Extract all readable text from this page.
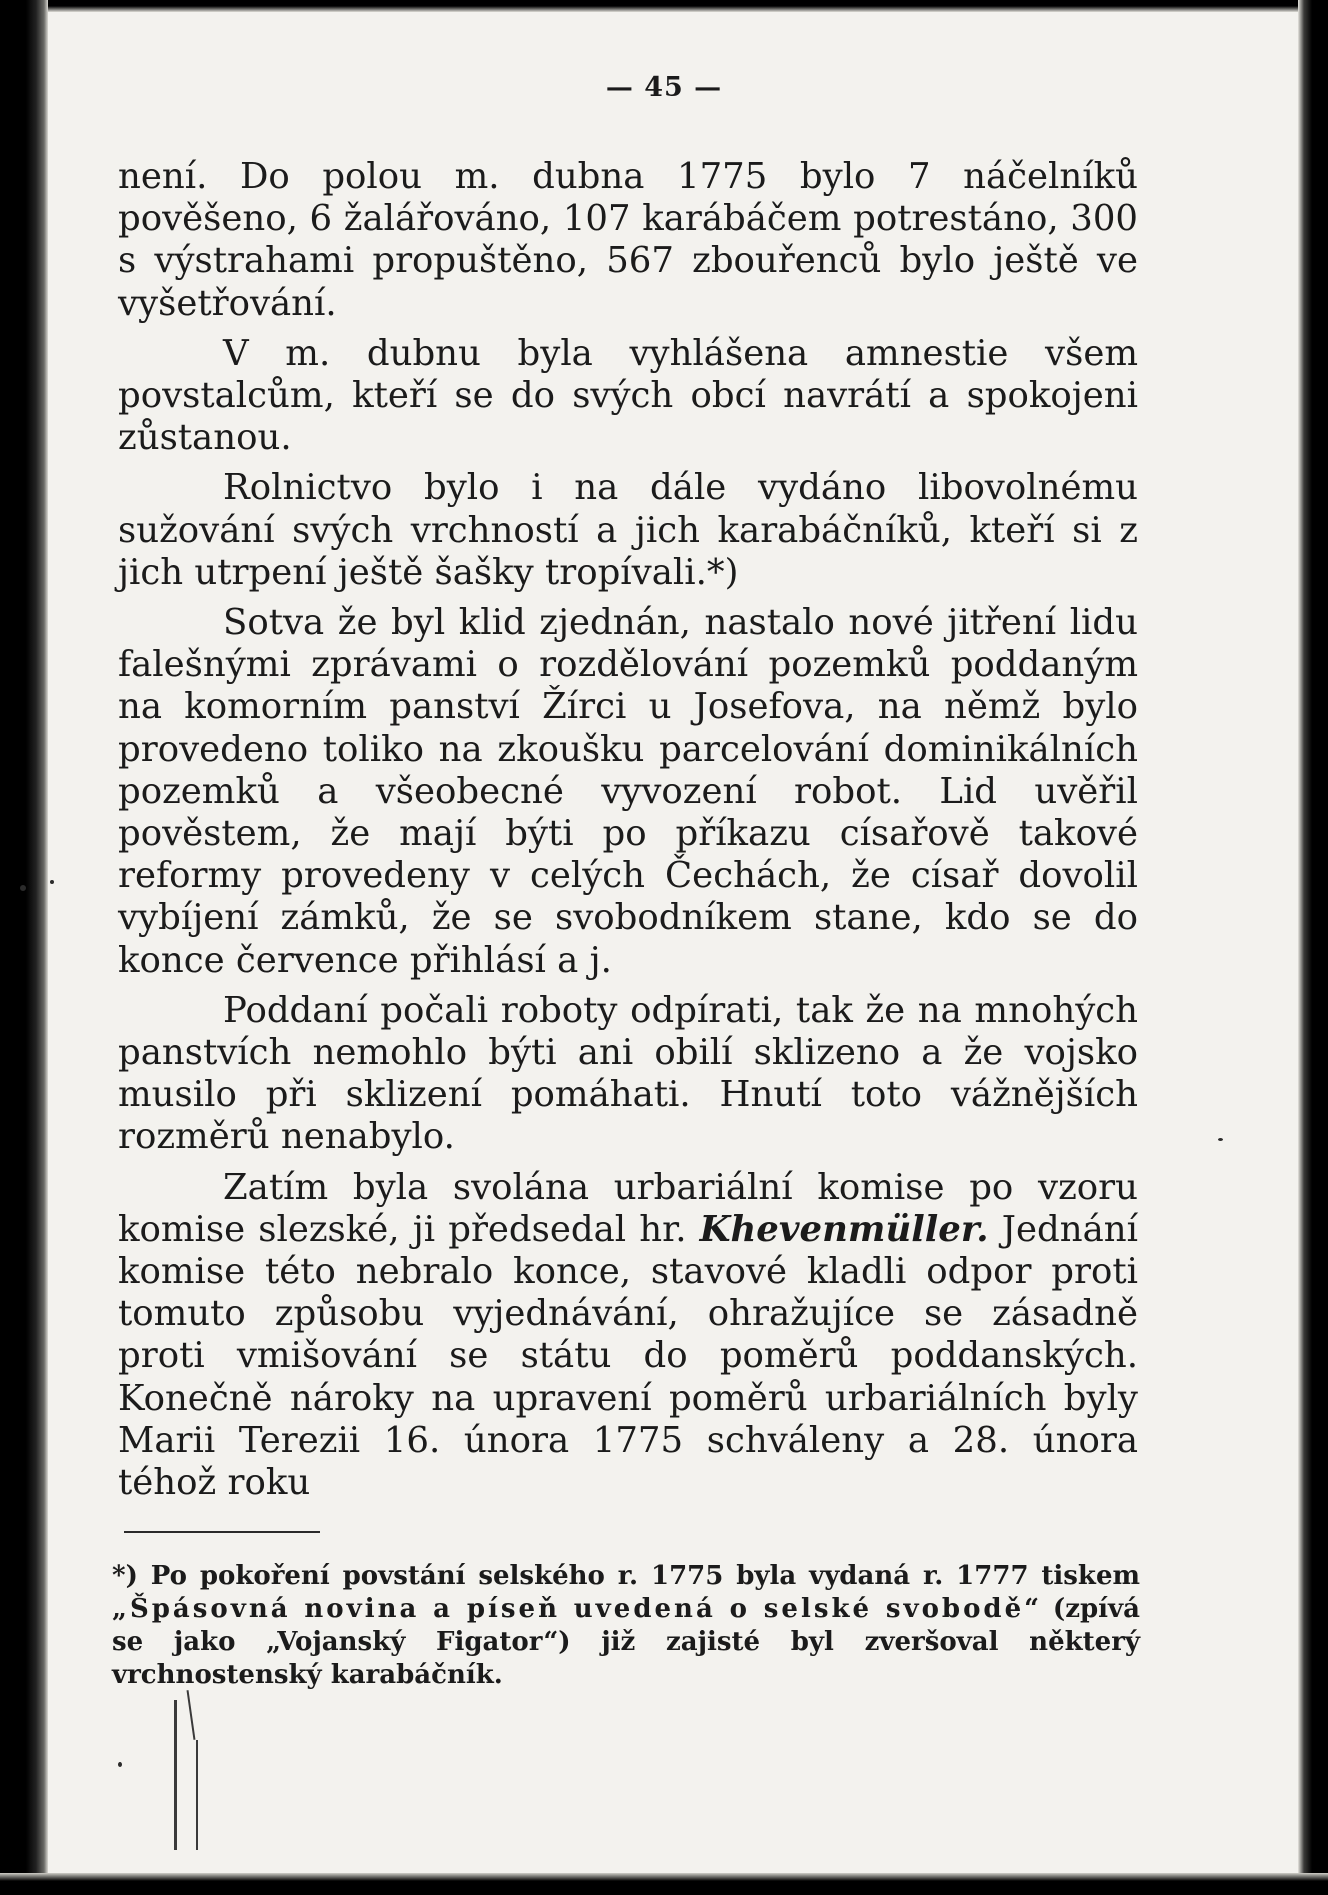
— 45 —

není. Do polou m. dubna 1775 bylo 7 náčelníků pověšeno, 6 žalářováno, 107 karábáčem potrestáno, 300 s výstrahami propuštěno, 567 zbouřenců bylo ještě ve vyšetřování.

V m. dubnu byla vyhlášena amnestie všem povstalcům, kteří se do svých obcí navrátí a spokojeni zůstanou.

Rolnictvo bylo i na dále vydáno libovolnému sužování svých vrchností a jich karabáčníků, kteří si z jich utrpení ještě šašky tropívali.*)

Sotva že byl klid zjednán, nastalo nové jitření lidu falešnými zprávami o rozdělování pozemků poddaným na komorním panství Žírci u Josefova, na němž bylo provedeno toliko na zkoušku parcelování dominikálních pozemků a všeobecné vyvození robot. Lid uvěřil pověstem, že mají býti po příkazu císařově takové reformy provedeny v celých Čechách, že císař dovolil vybíjení zámků, že se svobodníkem stane, kdo se do konce července přihlásí a j.

Poddaní počali roboty odpírati, tak že na mnohých panstvích nemohlo býti ani obilí sklizeno a že vojsko musilo při sklizení pomáhati. Hnutí toto vážnějších rozměrů nenabylo.

Zatím byla svolána urbariální komise po vzoru komise slezské, ji předsedal hr. Khevenmüller. Jednání komise této nebralo konce, stavové kladli odpor proti tomuto způsobu vyjednávání, ohražujíce se zásadně proti vmišování se státu do poměrů poddanských. Konečně nároky na upravení poměrů urbariálních byly Marii Terezii 16. února 1775 schváleny a 28. února téhož roku

*) Po pokoření povstání selského r. 1775 byla vydaná r. 1777 tiskem „Špásovná novina a píseň uvedená o selské svobodě“ (zpívá se jako „Vojanský Figator“) již zajisté byl zveršoval některý vrchnostenský karabáčník.
